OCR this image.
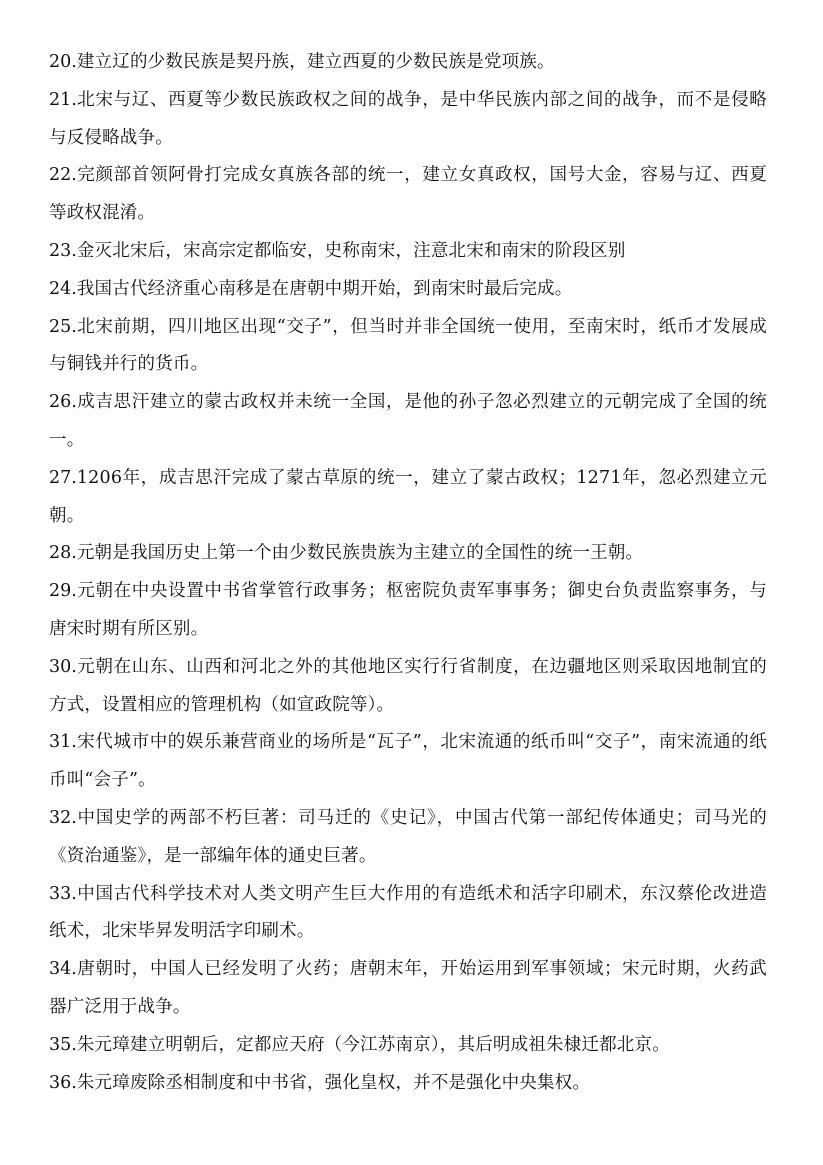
20.建立辽的少数民族是契丹族，建立西夏的少数民族是党项族。
21.北宋与辽、西夏等少数民族政权之间的战争，是中华民族内部之间的战争，而不是侵略与反侵略战争。
22.完颜部首领阿骨打完成女真族各部的统一，建立女真政权，国号大金，容易与辽、西夏等政权混淆。
23.金灭北宋后，宋高宗定都临安，史称南宋，注意北宋和南宋的阶段区别
24.我国古代经济重心南移是在唐朝中期开始，到南宋时最后完成。
25.北宋前期，四川地区出现“交子”，但当时并非全国统一使用，至南宋时，纸币才发展成与铜钱并行的货币。
26.成吉思汗建立的蒙古政权并未统一全国，是他的孙子忽必烈建立的元朝完成了全国的统一。
27.1206年，成吉思汗完成了蒙古草原的统一，建立了蒙古政权；1271年，忽必烈建立元朝。
28.元朝是我国历史上第一个由少数民族贵族为主建立的全国性的统一王朝。
29.元朝在中央设置中书省掌管行政事务；枢密院负责军事事务；御史台负责监察事务，与唐宋时期有所区别。
30.元朝在山东、山西和河北之外的其他地区实行行省制度，在边疆地区则采取因地制宜的方式，设置相应的管理机构（如宣政院等）。
31.宋代城市中的娱乐兼营商业的场所是“瓦子”，北宋流通的纸币叫“交子”，南宋流通的纸币叫“会子”。
32.中国史学的两部不朽巨著：司马迁的《史记》，中国古代第一部纪传体通史；司马光的《资治通鉴》，是一部编年体的通史巨著。
33.中国古代科学技术对人类文明产生巨大作用的有造纸术和活字印刷术，东汉蔡伦改进造纸术，北宋毕昇发明活字印刷术。
34.唐朝时，中国人已经发明了火药；唐朝末年，开始运用到军事领域；宋元时期，火药武器广泛用于战争。
35.朱元璋建立明朝后，定都应天府（今江苏南京），其后明成祖朱棣迁都北京。
36.朱元璋废除丞相制度和中书省，强化皇权，并不是强化中央集权。
